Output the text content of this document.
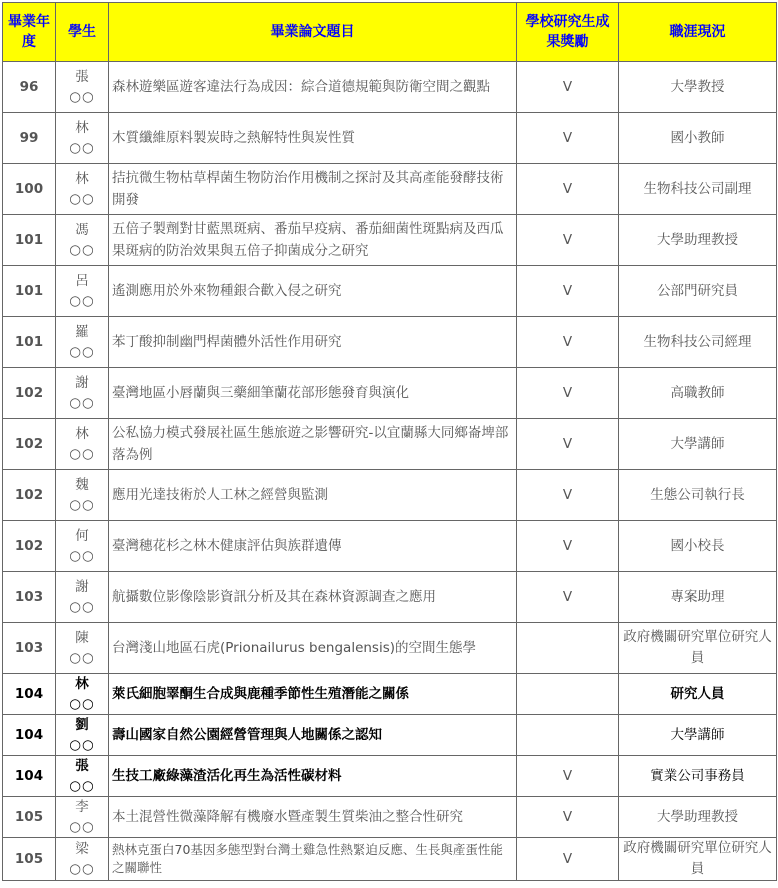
畢業年度	學生	畢業論文題目	學校研究生成果獎勵	職涯現況
96	張
○○	森林遊樂區遊客違法行為成因：綜合道德規範與防衛空間之觀點	V	大學教授
99	林
○○	木質纖維原料製炭時之熱解特性與炭性質	V	國小教師
100	林
○○	拮抗微生物枯草桿菌生物防治作用機制之探討及其高產能發酵技術開發	V	生物科技公司副理
101	馮
○○	五倍子製劑對甘藍黑斑病、番茄早疫病、番茄細菌性斑點病及西瓜果斑病的防治效果與五倍子抑菌成分之研究	V	大學助理教授
101	呂
○○	遙測應用於外來物種銀合歡入侵之研究	V	公部門研究員
101	羅
○○	苯丁酸抑制幽門桿菌體外活性作用研究	V	生物科技公司經理
102	謝
○○	臺灣地區小唇蘭與三藥細筆蘭花部形態發育與演化	V	高職教師
102	林
○○	公私協力模式發展社區生態旅遊之影響研究-以宜蘭縣大同鄉崙埤部落為例	V	大學講師
102	魏
○○	應用光達技術於人工林之經營與監測	V	生態公司執行長
102	何
○○	臺灣穗花杉之林木健康評估與族群遺傳	V	國小校長
103	謝
○○	航攝數位影像陰影資訊分析及其在森林資源調查之應用	V	專案助理
103	陳
○○	台灣淺山地區石虎(Prionailurus bengalensis)的空間生態學		政府機關研究單位研究人員
104	林
○○	萊氏細胞睪酮生合成與鹿種季節性生殖潛能之關係		研究人員
104	劉
○○	壽山國家自然公園經營管理與人地關係之認知		大學講師
104	張
○○	生技工廠綠藻渣活化再生為活性碳材料	V	實業公司事務員
105	李
○○	本土混營性微藻降解有機廢水暨產製生質柴油之整合性研究	V	大學助理教授
105	梁
○○	熱林克蛋白70基因多態型對台灣土雞急性熱緊迫反應、生長與產蛋性能之關聯性	V	政府機關研究單位研究人員
